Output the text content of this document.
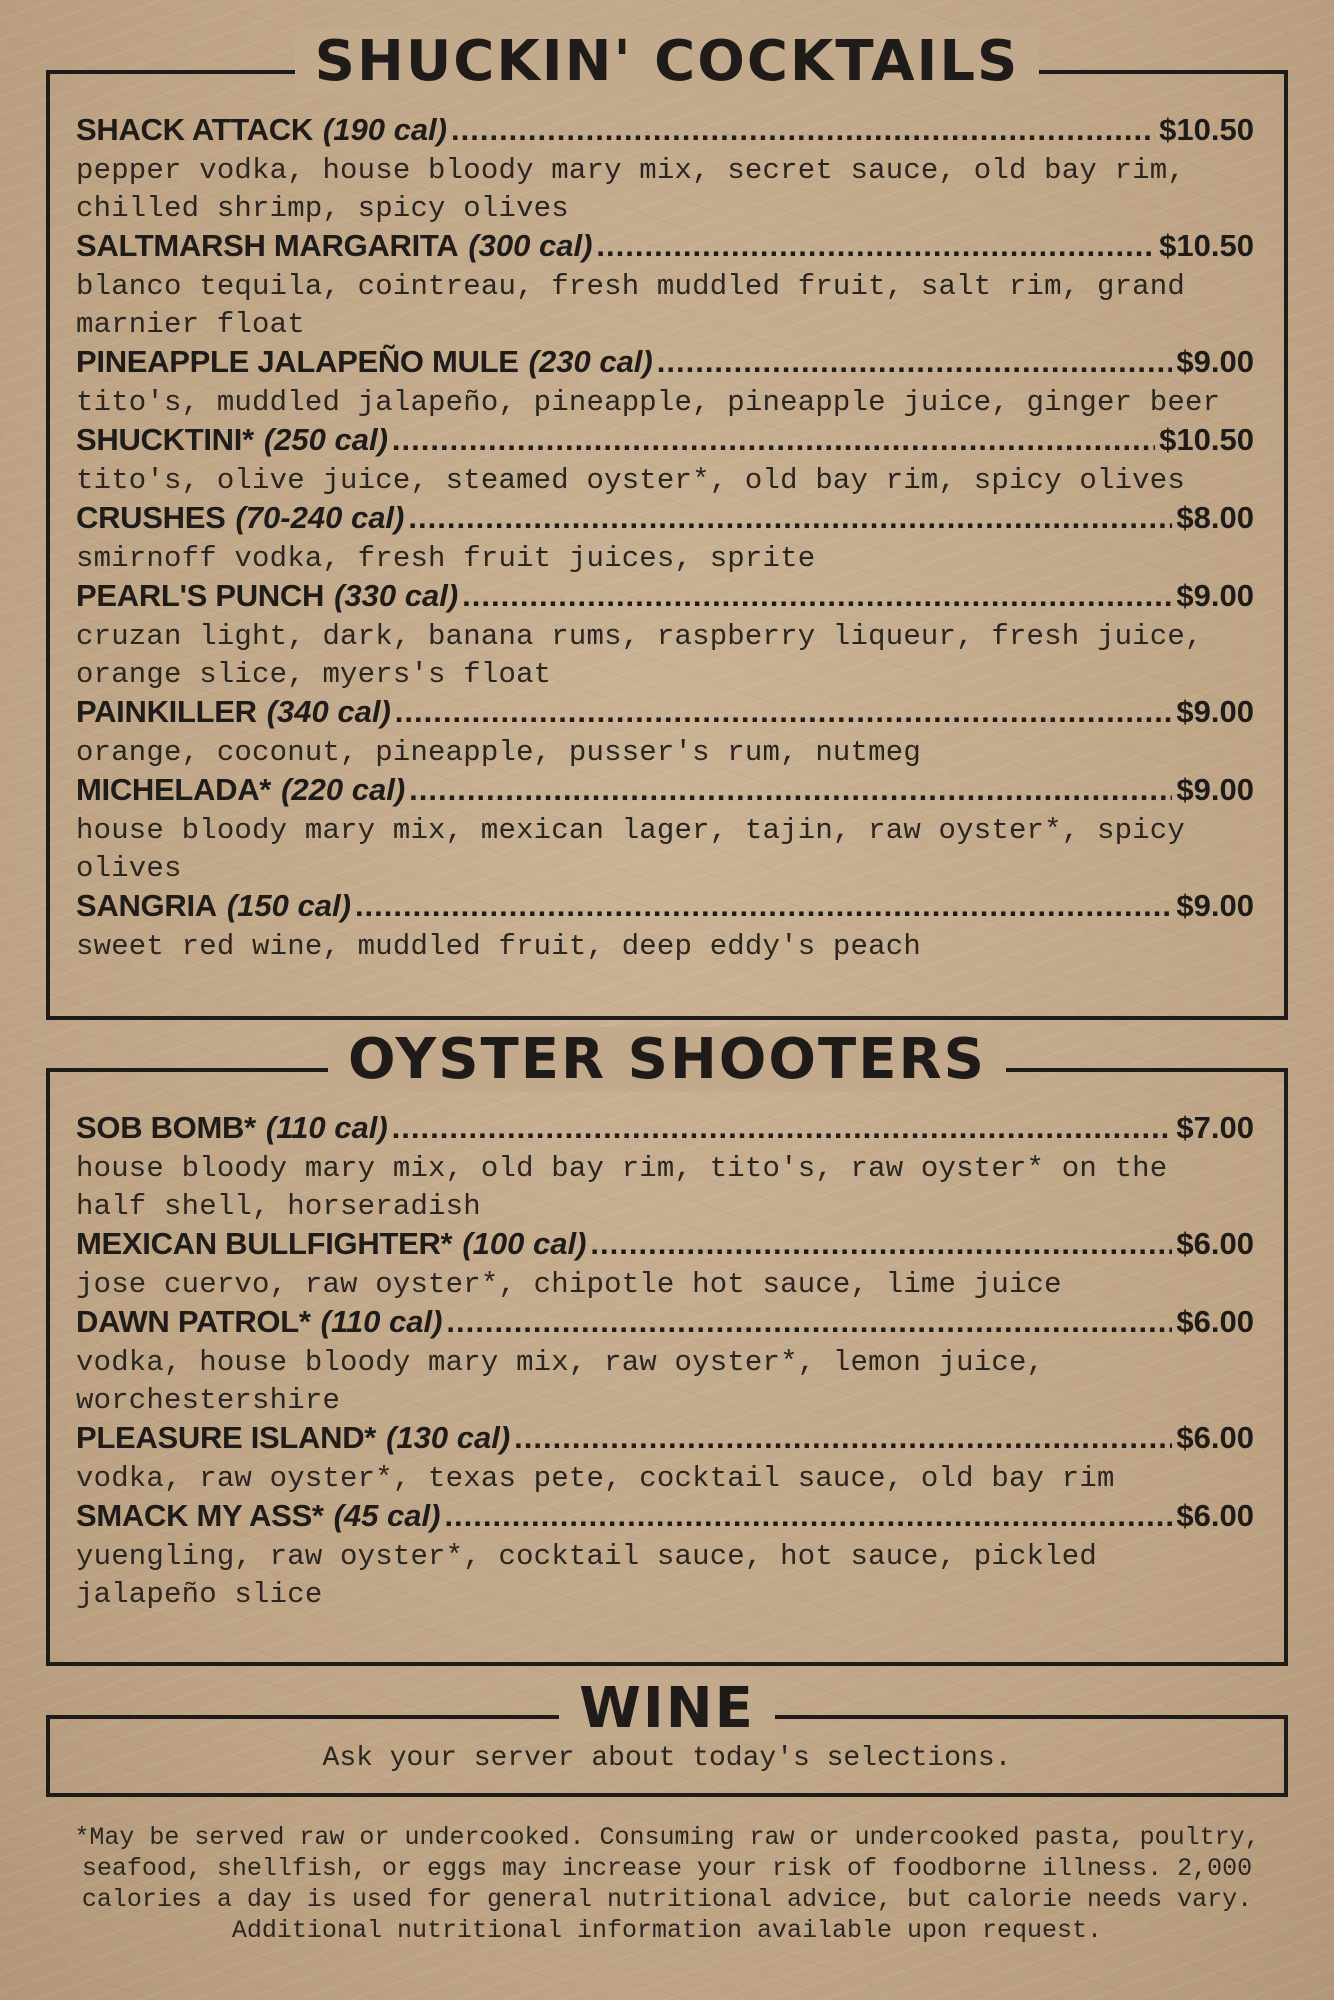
SHUCKIN' COCKTAILS
SHACK ATTACK (190 cal) .....	$10.50
pepper vodka, house bloody mary mix, secret sauce, old bay rim, chilled shrimp, spicy olives
SALTMARSH MARGARITA (300 cal) .....	$10.50
blanco tequila, cointreau, fresh muddled fruit, salt rim, grand marnier float
PINEAPPLE JALAPEÑO MULE (230 cal) .....	$9.00
tito's, muddled jalapeño, pineapple, pineapple juice, ginger beer
SHUCKTINI* (250 cal) .....	$10.50
tito's, olive juice, steamed oyster*, old bay rim, spicy olives
CRUSHES (70-240 cal) .....	$8.00
smirnoff vodka, fresh fruit juices, sprite
PEARL'S PUNCH (330 cal) .....	$9.00
cruzan light, dark, banana rums, raspberry liqueur, fresh juice, orange slice, myers's float
PAINKILLER (340 cal) .....	$9.00
orange, coconut, pineapple, pusser's rum, nutmeg
MICHELADA* (220 cal) .....	$9.00
house bloody mary mix, mexican lager, tajin, raw oyster*, spicy olives
SANGRIA (150 cal) .....	$9.00
sweet red wine, muddled fruit, deep eddy's peach
OYSTER SHOOTERS
SOB BOMB* (110 cal) .....	$7.00
house bloody mary mix, old bay rim, tito's, raw oyster* on the half shell, horseradish
MEXICAN BULLFIGHTER* (100 cal) .....	$6.00
jose cuervo, raw oyster*, chipotle hot sauce, lime juice
DAWN PATROL* (110 cal) .....	$6.00
vodka, house bloody mary mix, raw oyster*, lemon juice, worchestershire
PLEASURE ISLAND* (130 cal) .....	$6.00
vodka, raw oyster*, texas pete, cocktail sauce, old bay rim
SMACK MY ASS* (45 cal) .....	$6.00
yuengling, raw oyster*, cocktail sauce, hot sauce, pickled jalapeño slice
WINE
Ask your server about today's selections.
*May be served raw or undercooked. Consuming raw or undercooked pasta, poultry, seafood, shellfish, or eggs may increase your risk of foodborne illness. 2,000 calories a day is used for general nutritional advice, but calorie needs vary. Additional nutritional information available upon request.
